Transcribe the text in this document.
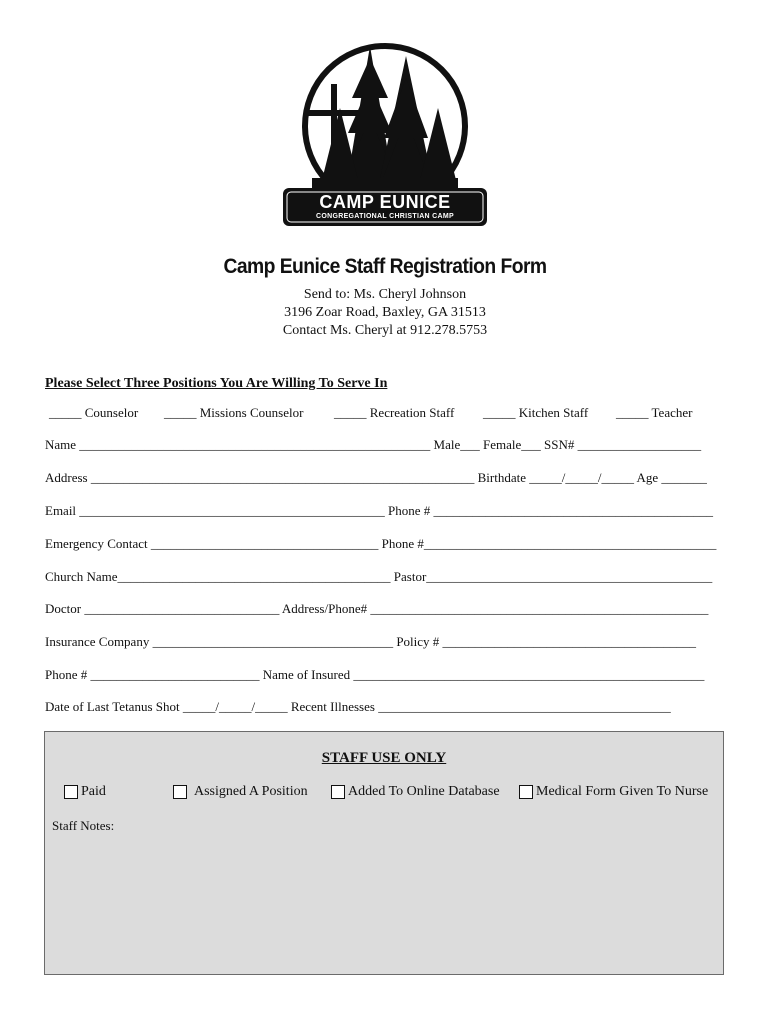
CAMP EUNICE
CONGREGATIONAL CHRISTIAN CAMP
Camp Eunice Staff Registration Form
Send to: Ms. Cheryl Johnson
3196 Zoar Road, Baxley, GA 31513
Contact Ms. Cheryl at 912.278.5753
Please Select Three Positions You Are Willing To Serve In
_____ Counselor _____ Missions Counselor _____ Recreation Staff _____ Kitchen Staff _____ Teacher
Name ______________________________________________________ Male___ Female___ SSN# ___________________
Address ___________________________________________________________ Birthdate _____/_____/_____ Age _______
Email _______________________________________________ Phone # ___________________________________________
Emergency Contact ___________________________________ Phone #_____________________________________________
Church Name__________________________________________ Pastor____________________________________________
Doctor ______________________________ Address/Phone# ____________________________________________________
Insurance Company _____________________________________ Policy # _______________________________________
Phone # __________________________ Name of Insured ______________________________________________________
Date of Last Tetanus Shot _____/_____/_____ Recent Illnesses _____________________________________________
STAFF USE ONLY
Paid	Assigned A Position	Added To Online Database	Medical Form Given To Nurse
Staff Notes:
